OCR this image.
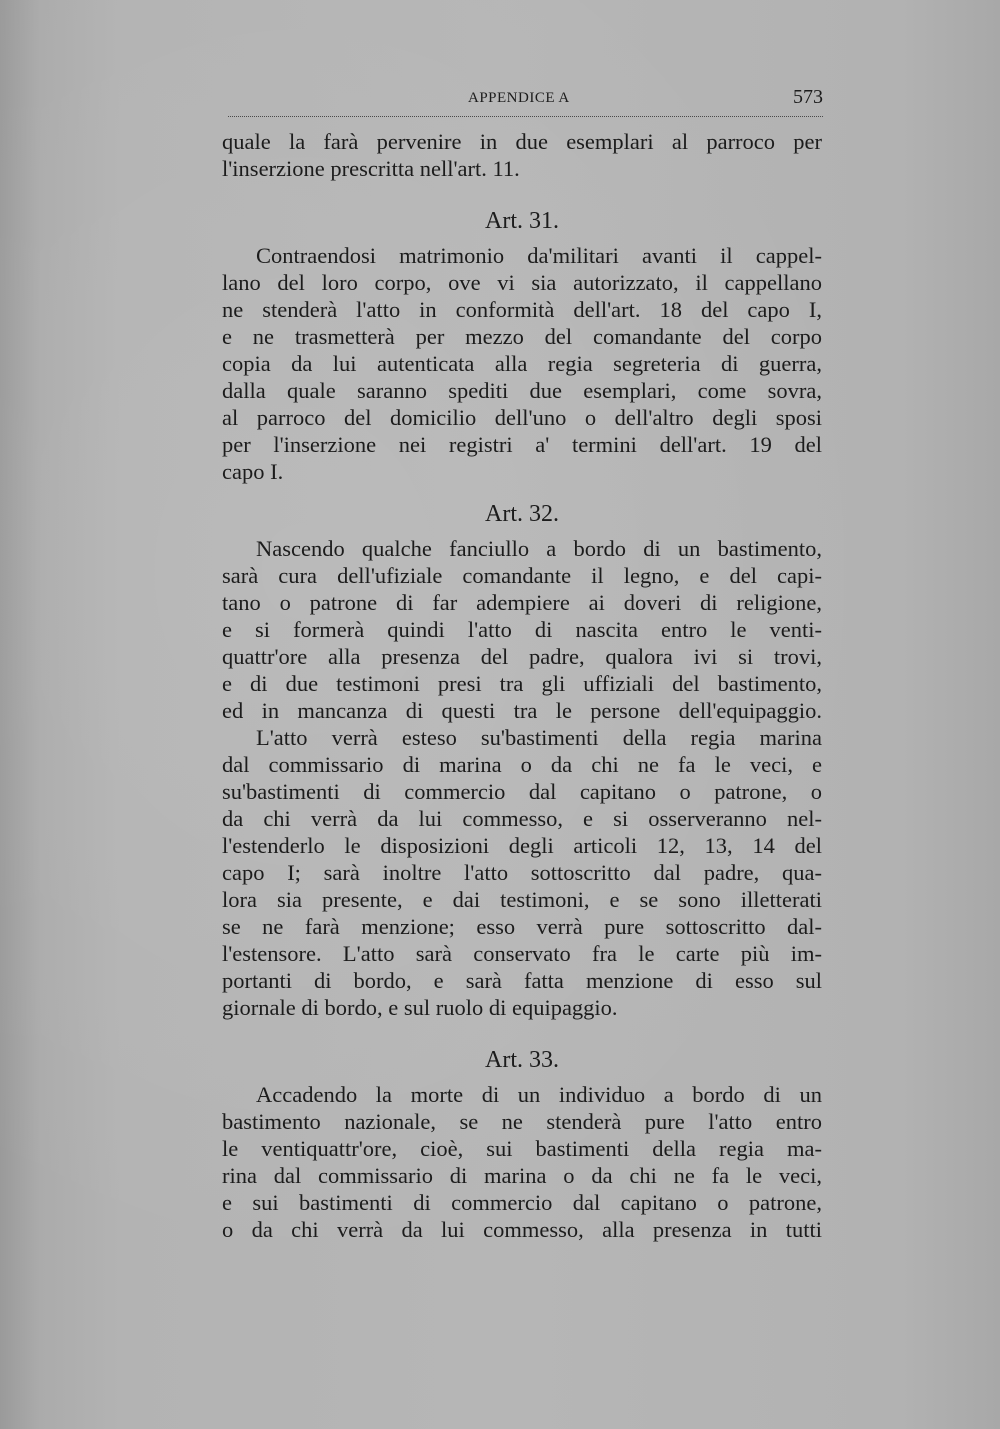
APPENDICE A	573
quale la farà pervenire in due esemplari al parroco per
l'inserzione prescritta nell'art. 11.
Art. 31.
Contraendosi matrimonio da'militari avanti il cappel-
lano del loro corpo, ove vi sia autorizzato, il cappellano
ne stenderà l'atto in conformità dell'art. 18 del capo I,
e ne trasmetterà per mezzo del comandante del corpo
copia da lui autenticata alla regia segreteria di guerra,
dalla quale saranno spediti due esemplari, come sovra,
al parroco del domicilio dell'uno o dell'altro degli sposi
per l'inserzione nei registri a' termini dell'art. 19 del
capo I.
Art. 32.
Nascendo qualche fanciullo a bordo di un bastimento,
sarà cura dell'ufiziale comandante il legno, e del capi-
tano o patrone di far adempiere ai doveri di religione,
e si formerà quindi l'atto di nascita entro le venti-
quattr'ore alla presenza del padre, qualora ivi si trovi,
e di due testimoni presi tra gli uffiziali del bastimento,
ed in mancanza di questi tra le persone dell'equipaggio.
L'atto verrà esteso su'bastimenti della regia marina
dal commissario di marina o da chi ne fa le veci, e
su'bastimenti di commercio dal capitano o patrone, o
da chi verrà da lui commesso, e si osserveranno nel-
l'estenderlo le disposizioni degli articoli 12, 13, 14 del
capo I; sarà inoltre l'atto sottoscritto dal padre, qua-
lora sia presente, e dai testimoni, e se sono illetterati
se ne farà menzione; esso verrà pure sottoscritto dal-
l'estensore. L'atto sarà conservato fra le carte più im-
portanti di bordo, e sarà fatta menzione di esso sul
giornale di bordo, e sul ruolo di equipaggio.
Art. 33.
Accadendo la morte di un individuo a bordo di un
bastimento nazionale, se ne stenderà pure l'atto entro
le ventiquattr'ore, cioè, sui bastimenti della regia ma-
rina dal commissario di marina o da chi ne fa le veci,
e sui bastimenti di commercio dal capitano o patrone,
o da chi verrà da lui commesso, alla presenza in tutti
